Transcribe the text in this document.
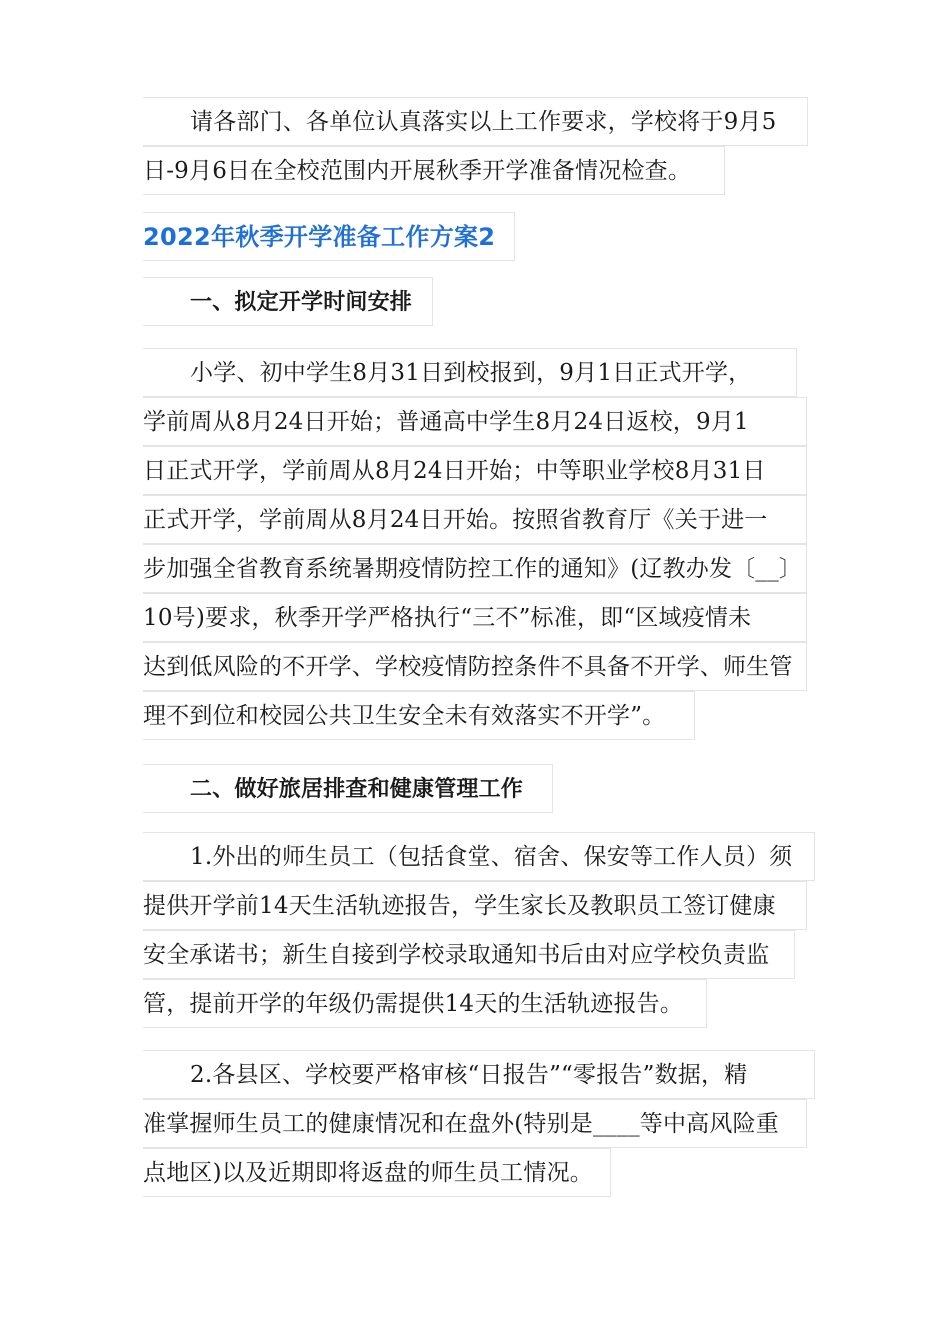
请各部门、各单位认真落实以上工作要求，学校将于9月5
日-9月6日在全校范围内开展秋季开学准备情况检查。
2022年秋季开学准备工作方案2
一、拟定开学时间安排
小学、初中学生8月31日到校报到，9月1日正式开学，
学前周从8月24日开始；普通高中学生8月24日返校，9月1
日正式开学，学前周从8月24日开始；中等职业学校8月31日
正式开学，学前周从8月24日开始。按照省教育厅《关于进一
步加强全省教育系统暑期疫情防控工作的通知》(辽教办发〔__〕
10号)要求，秋季开学严格执行“三不”标准，即“区域疫情未
达到低风险的不开学、学校疫情防控条件不具备不开学、师生管
理不到位和校园公共卫生安全未有效落实不开学”。
二、做好旅居排查和健康管理工作
1.外出的师生员工（包括食堂、宿舍、保安等工作人员）须
提供开学前14天生活轨迹报告，学生家长及教职员工签订健康
安全承诺书；新生自接到学校录取通知书后由对应学校负责监
管，提前开学的年级仍需提供14天的生活轨迹报告。
2.各县区、学校要严格审核“日报告”“零报告”数据，精
准掌握师生员工的健康情况和在盘外(特别是____等中高风险重
点地区)以及近期即将返盘的师生员工情况。
